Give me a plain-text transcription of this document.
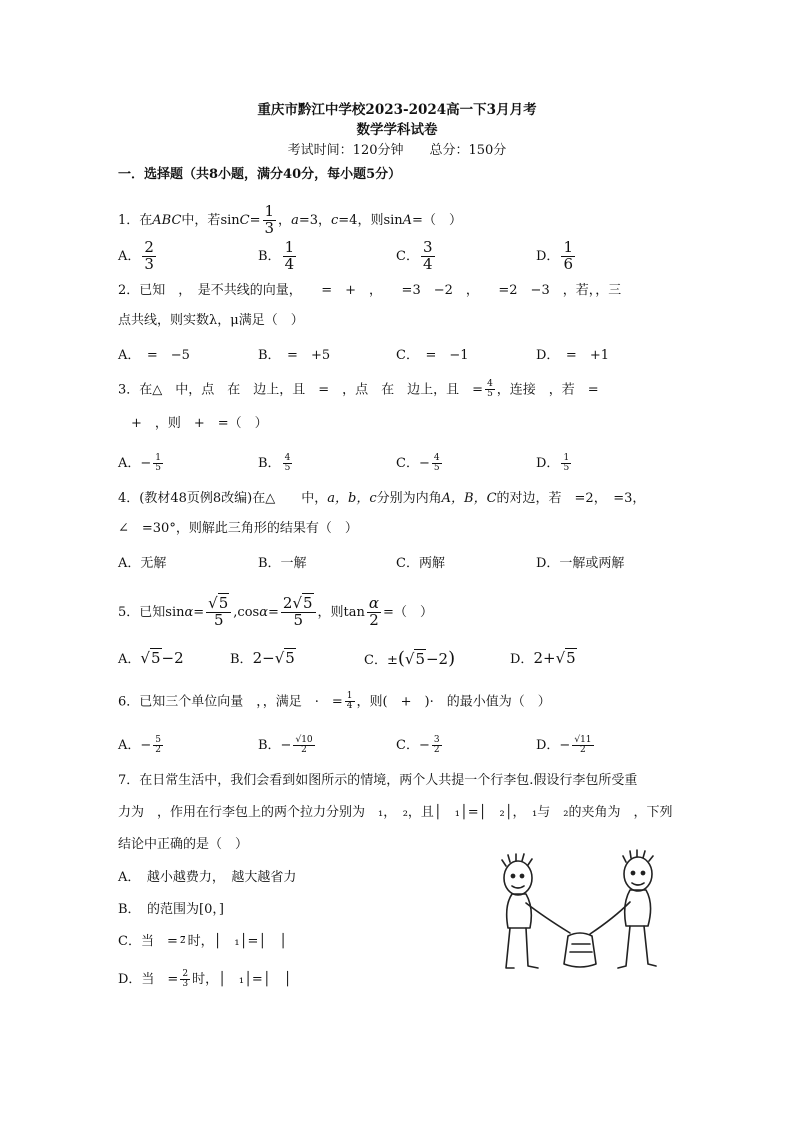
重庆市黔江中学校2023-2024高一下3月月考
数学学科试卷
考试时间：120分钟　　总分：150分
一．选择题（共8小题，满分40分，每小题5分）
1．在ABC中，若$\sin C= \frac{1}{3}$ ，a=3，c=4，则sinA=（　）
A． $\frac{2}{3}$	B． $\frac{1}{4}$	C． $\frac{3}{4}$	D． $\frac{1}{6}$
2．已知　，　是不共线的向量，　　=　+　，　　=3　−2　，　　=2　−3　，若，，三
点共线，则实数λ，μ满足（　）
A．　=　−5	B．　=　+5	C．　=　−1	D．　=　+1
3．在△　中，点　在　边上，且　=　，点　在　边上，且　= $\frac{4}{5}$ ，连接　，若　=
　+　，则　+　=（　）
A．− $\frac{1}{5}$	B． $\frac{4}{5}$	C．− $\frac{4}{5}$	D． $\frac{1}{5}$
4．(教材48页例8改编)在△　　 中，a，b，c分别为内角A，B，C的对边，若　=2，　=3，
∠　=30°，则解此三角形的结果有（　）
A．无解	B．一解	C．两解	D．一解或两解
5．已知$\sin\alpha= \frac{√5}{5} ,\cos\alpha= \frac{2√5}{5}$ ，则$\tan \frac{\alpha}{2}$ =（　）
A．√5−2	B．2−√5	C．±(√5−2)	D．2+√5
6．已知三个单位向量　，，满足　·　= $\frac{1}{4}$ ，则(　+　)·　的最小值为（　）
A．− $\frac{5}{2}$	B．− $\frac{√10}{2}$	C．− $\frac{3}{2}$	D．− $\frac{√11}{2}$
7．在日常生活中，我们会看到如图所示的情境，两个人共提一个行李包.假设行李包所受重
力为　，作用在行李包上的两个拉力分别为　₁，　₂，且│　₁│=│　₂│，　₁与　₂的夹角为　，下列
结论中正确的是（　）
A．　越小越费力，　越大越省力
B．　的范围为[0，]
C．当　= 2 时，│　₁│=│　│
D．当　= $\frac{2}{3}$ 时，│　₁│=│　│
